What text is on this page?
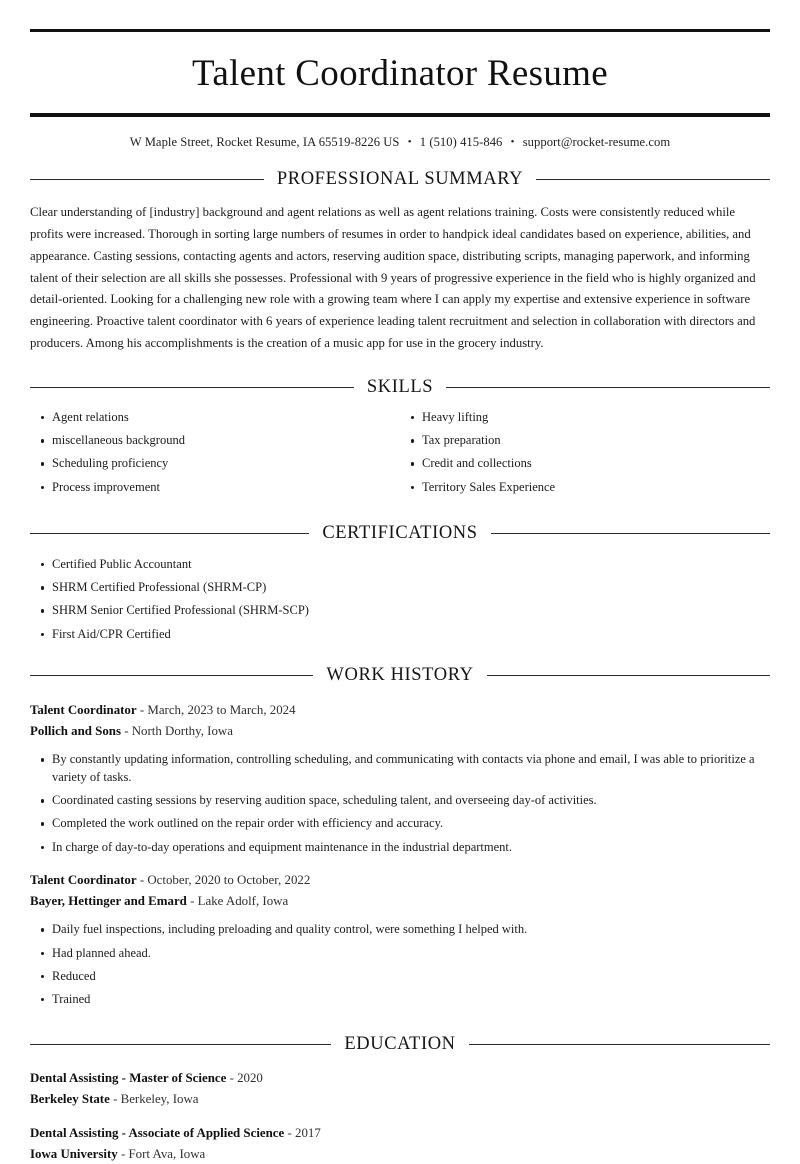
Talent Coordinator Resume
W Maple Street, Rocket Resume, IA 65519-8226 US • 1 (510) 415-846 • support@rocket-resume.com
PROFESSIONAL SUMMARY

Clear understanding of [industry] background and agent relations as well as agent relations training. Costs were consistently reduced while profits were increased. Thorough in sorting large numbers of resumes in order to handpick ideal candidates based on experience, abilities, and appearance. Casting sessions, contacting agents and actors, reserving audition space, distributing scripts, managing paperwork, and informing talent of their selection are all skills she possesses. Professional with 9 years of progressive experience in the field who is highly organized and detail-oriented. Looking for a challenging new role with a growing team where I can apply my expertise and extensive experience in software engineering. Proactive talent coordinator with 6 years of experience leading talent recruitment and selection in collaboration with directors and producers. Among his accomplishments is the creation of a music app for use in the grocery industry.

SKILLS
Agent relations
miscellaneous background
Scheduling proficiency
Process improvement
Heavy lifting
Tax preparation
Credit and collections
Territory Sales Experience
CERTIFICATIONS
Certified Public Accountant
SHRM Certified Professional (SHRM-CP)
SHRM Senior Certified Professional (SHRM-SCP)
First Aid/CPR Certified
WORK HISTORY
Talent Coordinator - March, 2023 to March, 2024
Pollich and Sons - North Dorthy, Iowa
By constantly updating information, controlling scheduling, and communicating with contacts via phone and email, I was able to prioritize a variety of tasks.
Coordinated casting sessions by reserving audition space, scheduling talent, and overseeing day-of activities.
Completed the work outlined on the repair order with efficiency and accuracy.
In charge of day-to-day operations and equipment maintenance in the industrial department.
Talent Coordinator - October, 2020 to October, 2022
Bayer, Hettinger and Emard - Lake Adolf, Iowa
Daily fuel inspections, including preloading and quality control, were something I helped with.
Had planned ahead.
Reduced
Trained
EDUCATION
Dental Assisting - Master of Science - 2020
Berkeley State - Berkeley, Iowa
Dental Assisting - Associate of Applied Science - 2017
Iowa University - Fort Ava, Iowa
